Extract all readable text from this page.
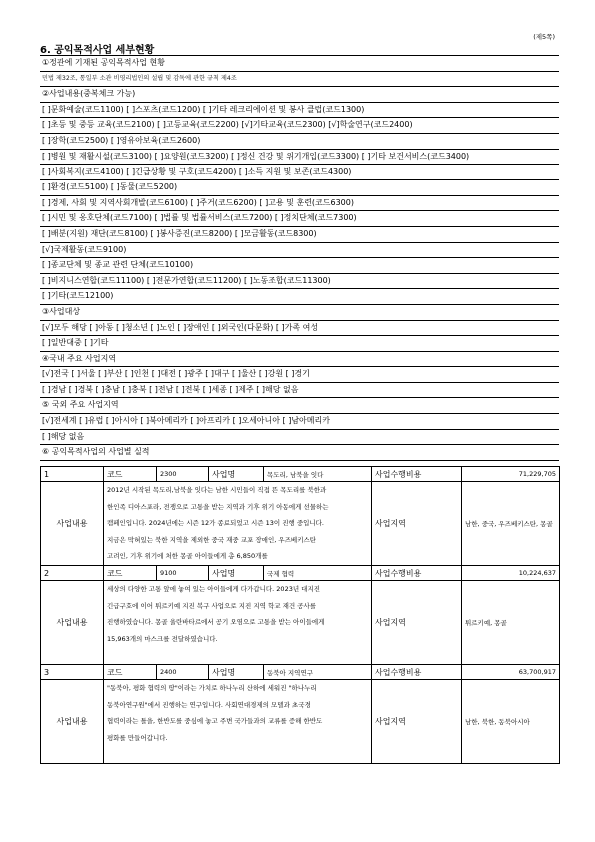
(제5쪽)
6. 공익목적사업 세부현황
①정관에 기재된 공익목적사업 현황
민법 제32조, 통일부 소관 비영리법인의 설립 및 감독에 관한 규칙 제4조
②사업내용(중복체크 가능)
[ ]문화예술(코드1100) [ ]스포츠(코드1200) [ ]기타 레크리에이션 및 봉사 클럽(코드1300)
[ ]초등 및 중등 교육(코드2100) [ ]고등교육(코드2200) [√]기타교육(코드2300) [√]학술연구(코드2400)
[ ]장학(코드2500) [ ]영유아보육(코드2600)
[ ]병원 및 재활시설(코드3100) [ ]요양원(코드3200) [ ]정신 건강 및 위기개입(코드3300) [ ]기타 보건서비스(코드3400)
[ ]사회복지(코드4100) [ ]긴급상황 및 구호(코드4200) [ ]소득 지원 및 보존(코드4300)
[ ]환경(코드5100) [ ]동물(코드5200)
[ ]경제, 사회 및 지역사회개발(코드6100) [ ]주거(코드6200) [ ]고용 및 훈련(코드6300)
[ ]시민 및 옹호단체(코드7100) [ ]법률 및 법률서비스(코드7200) [ ]정치단체(코드7300)
[ ]배분(지원) 재단(코드8100) [ ]봉사증진(코드8200) [ ]모금활동(코드8300)
[√]국제활동(코드9100)
[ ]종교단체 및 종교 관련 단체(코드10100)
[ ]비지니스연합(코드11100) [ ]전문가연합(코드11200) [ ]노동조합(코드11300)
[ ]기타(코드12100)
③사업대상
[√]모두 해당 [ ]아동 [ ]청소년 [ ]노인 [ ]장애인 [ ]외국인(다문화) [ ]가족 여성
[ ]일반대중 [ ]기타
④국내 주요 사업지역
[√]전국 [ ]서울 [ ]부산 [ ]인천 [ ]대전 [ ]광주 [ ]대구 [ ]울산 [ ]강원 [ ]경기
[ ]경남 [ ]경북 [ ]충남 [ ]충북 [ ]전남 [ ]전북 [ ]세종 [ ]제주 [ ]해당 없음
⑤ 국외 주요 사업지역
[√]전세계 [ ]유럽 [ ]아시아 [ ]북아메리카 [ ]아프리카 [ ]오세아니아 [ ]남아메리카
[ ]해당 없음
⑥ 공익목적사업의 사업별 실적
1	코드	2300	사업명	목도리, 남북을 잇다	사업수행비용	71,229,705
사업내용	2012년 시작된 목도리,남북을 잇다는 남한 시민들이 직접 뜬 목도리를 북한과
한인족 디아스포라, 전쟁으로 고통을 받는 지역과 기후 위기 아동에게 선물하는
캠페인입니다. 2024년에는 시즌 12가 종료되었고 시즌 13이 진행 중입니다.
지금은 막혀있는 북한 지역을 제외한 중국 재중 교포 장애인, 우즈베키스탄
고려인, 기후 위기에 처한 몽골 아이들에게 총 6,850개를				사업지역	남한, 중국, 우즈베키스탄, 몽골
2	코드	9100	사업명	국제 협력	사업수행비용	10,224,637
사업내용	세상의 다양한 고통 앞에 놓여 있는 아이들에게 다가갑니다. 2023년 대지진
긴급구호에 이어 튀르키예 지진 복구 사업으로 지진 지역 학교 재건 공사를
진행하였습니다. 몽골 울란바타르에서 공기 오염으로 고통을 받는 아이들에게
15,963개의 마스크를 전달하였습니다.				사업지역	튀르키예, 몽골
3	코드	2400	사업명	동북아 지역연구	사업수행비용	63,700,917
사업내용	"동북아, 평화 협력의 땅"이라는 가치로 하나누리 산하에 세워진 "하나누리
동북아연구원"에서 진행하는 연구입니다. 사회연대경제의 모델과 초국경
협력이라는 틀을, 한반도를 중심에 놓고 주변 국가들과의 교류를 증해 한반도
평화를 만들어갑니다.				사업지역	남한, 북한, 동북아시아
